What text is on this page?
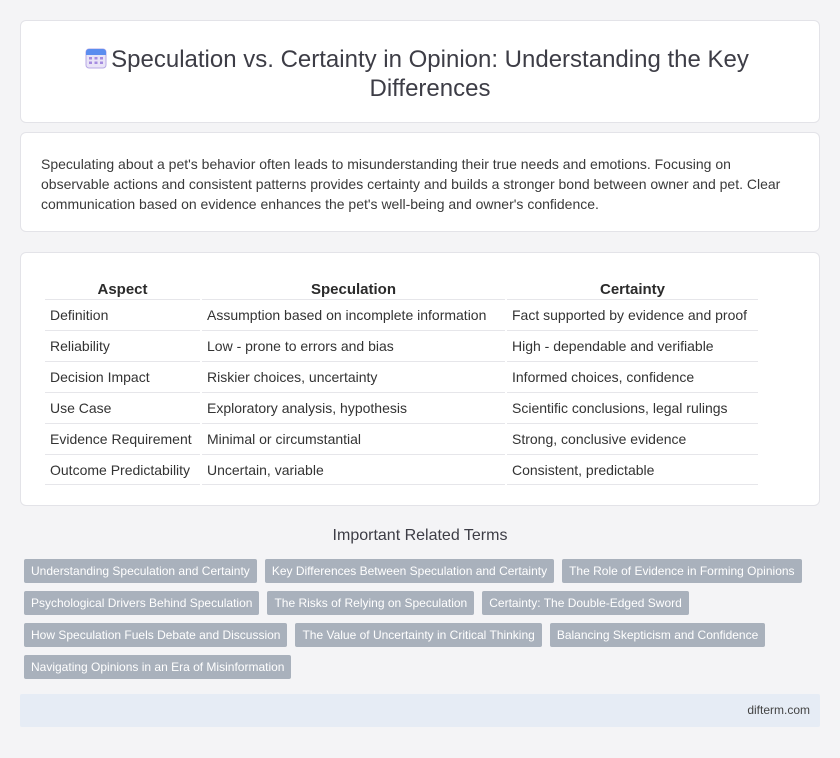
Speculation vs. Certainty in Opinion: Understanding the Key Differences

Speculating about a pet's behavior often leads to misunderstanding their true needs and emotions. Focusing on observable actions and consistent patterns provides certainty and builds a stronger bond between owner and pet. Clear communication based on evidence enhances the pet's well-being and owner's confidence.

Aspect	Speculation	Certainty
Definition	Assumption based on incomplete information	Fact supported by evidence and proof
Reliability	Low - prone to errors and bias	High - dependable and verifiable
Decision Impact	Riskier choices, uncertainty	Informed choices, confidence
Use Case	Exploratory analysis, hypothesis	Scientific conclusions, legal rulings
Evidence Requirement	Minimal or circumstantial	Strong, conclusive evidence
Outcome Predictability	Uncertain, variable	Consistent, predictable
Important Related Terms
Understanding Speculation and Certainty	Key Differences Between Speculation and Certainty	The Role of Evidence in Forming Opinions
Psychological Drivers Behind Speculation	The Risks of Relying on Speculation	Certainty: The Double-Edged Sword
How Speculation Fuels Debate and Discussion	The Value of Uncertainty in Critical Thinking	Balancing Skepticism and Confidence
Navigating Opinions in an Era of Misinformation
difterm.com
